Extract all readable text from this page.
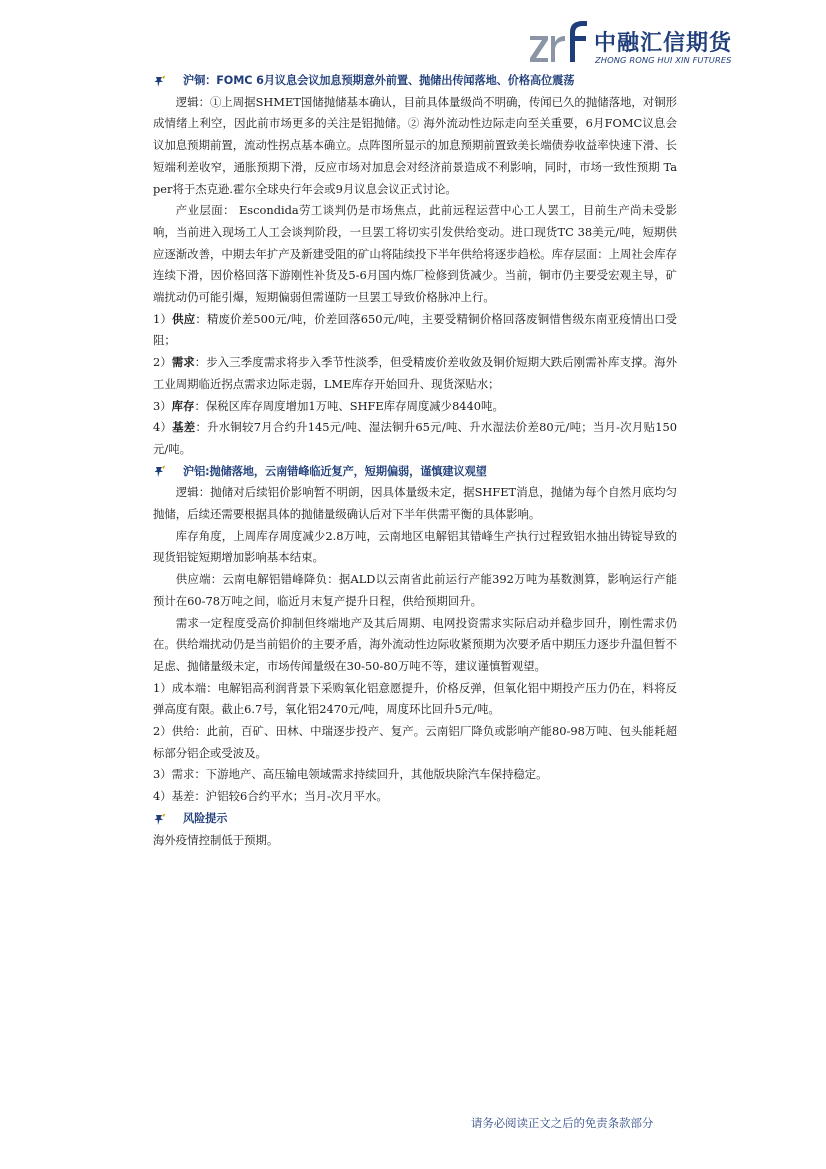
中融汇信期货
ZHONG RONG HUI XIN FUTURES
沪铜：FOMC 6月议息会议加息预期意外前置、抛储出传闻落地、价格高位震荡

逻辑：①上周据SHMET国储抛储基本确认，目前具体量级尚不明确，传闻已久的抛储落地，对铜形成情绪上利空，因此前市场更多的关注是铝抛储。② 海外流动性边际走向至关重要，6月FOMC议息会议加息预期前置，流动性拐点基本确立。点阵图所显示的加息预期前置致美长端债券收益率快速下滑、长短端利差收窄，通胀预期下滑，反应市场对加息会对经济前景造成不利影响，同时，市场一致性预期 Taper将于杰克逊.霍尔全球央行年会或9月议息会议正式讨论。

产业层面： Escondida劳工谈判仍是市场焦点，此前远程运营中心工人罢工，目前生产尚未受影响，当前进入现场工人工会谈判阶段，一旦罢工将切实引发供给变动。进口现货TC 38美元/吨，短期供应逐渐改善，中期去年扩产及新建受阻的矿山将陆续投下半年供给将逐步趋松。库存层面：上周社会库存连续下滑，因价格回落下游刚性补货及5-6月国内炼厂检修到货减少。当前，铜市仍主要受宏观主导，矿端扰动仍可能引爆，短期偏弱但需谨防一旦罢工导致价格脉冲上行。

1）供应：精废价差500元/吨，价差回落650元/吨，主要受精铜价格回落废铜惜售级东南亚疫情出口受阻；

2）需求：步入三季度需求将步入季节性淡季，但受精废价差收敛及铜价短期大跌后刚需补库支撑。海外工业周期临近拐点需求边际走弱，LME库存开始回升、现货深贴水；

3）库存：保税区库存周度增加1万吨、SHFE库存周度减少8440吨。

4）基差：升水铜较7月合约升145元/吨、湿法铜升65元/吨、升水湿法价差80元/吨；当月-次月贴150元/吨。

沪铝:抛储落地，云南错峰临近复产，短期偏弱，谨慎建议观望

逻辑：抛储对后续铝价影响暂不明朗，因具体量级未定，据SHFET消息，抛储为每个自然月底均匀抛储，后续还需要根据具体的抛储量级确认后对下半年供需平衡的具体影响。

库存角度，上周库存周度减少2.8万吨，云南地区电解铝其错峰生产执行过程致铝水抽出铸锭导致的现货铝锭短期增加影响基本结束。

供应端：云南电解铝错峰降负：据ALD以云南省此前运行产能392万吨为基数测算，影响运行产能预计在60-78万吨之间，临近月末复产提升日程，供给预期回升。

需求一定程度受高价抑制但终端地产及其后周期、电网投资需求实际启动并稳步回升，刚性需求仍在。供给端扰动仍是当前铝价的主要矛盾，海外流动性边际收紧预期为次要矛盾中期压力逐步升温但暂不足虑、抛储量级未定，市场传闻量级在30-50-80万吨不等，建议谨慎暂观望。

1）成本端：电解铝高利润背景下采购氧化铝意愿提升，价格反弹，但氧化铝中期投产压力仍在，料将反弹高度有限。截止6.7号，氧化铝2470元/吨，周度环比回升5元/吨。

2）供给：此前，百矿、田林、中瑞逐步投产、复产。云南铝厂降负或影响产能80-98万吨、包头能耗超标部分铝企或受波及。

3）需求：下游地产、高压输电领域需求持续回升，其他版块除汽车保持稳定。

4）基差：沪铝较6合约平水；当月-次月平水。

风险提示

海外疫情控制低于预期。

请务必阅读正文之后的免责条款部分
